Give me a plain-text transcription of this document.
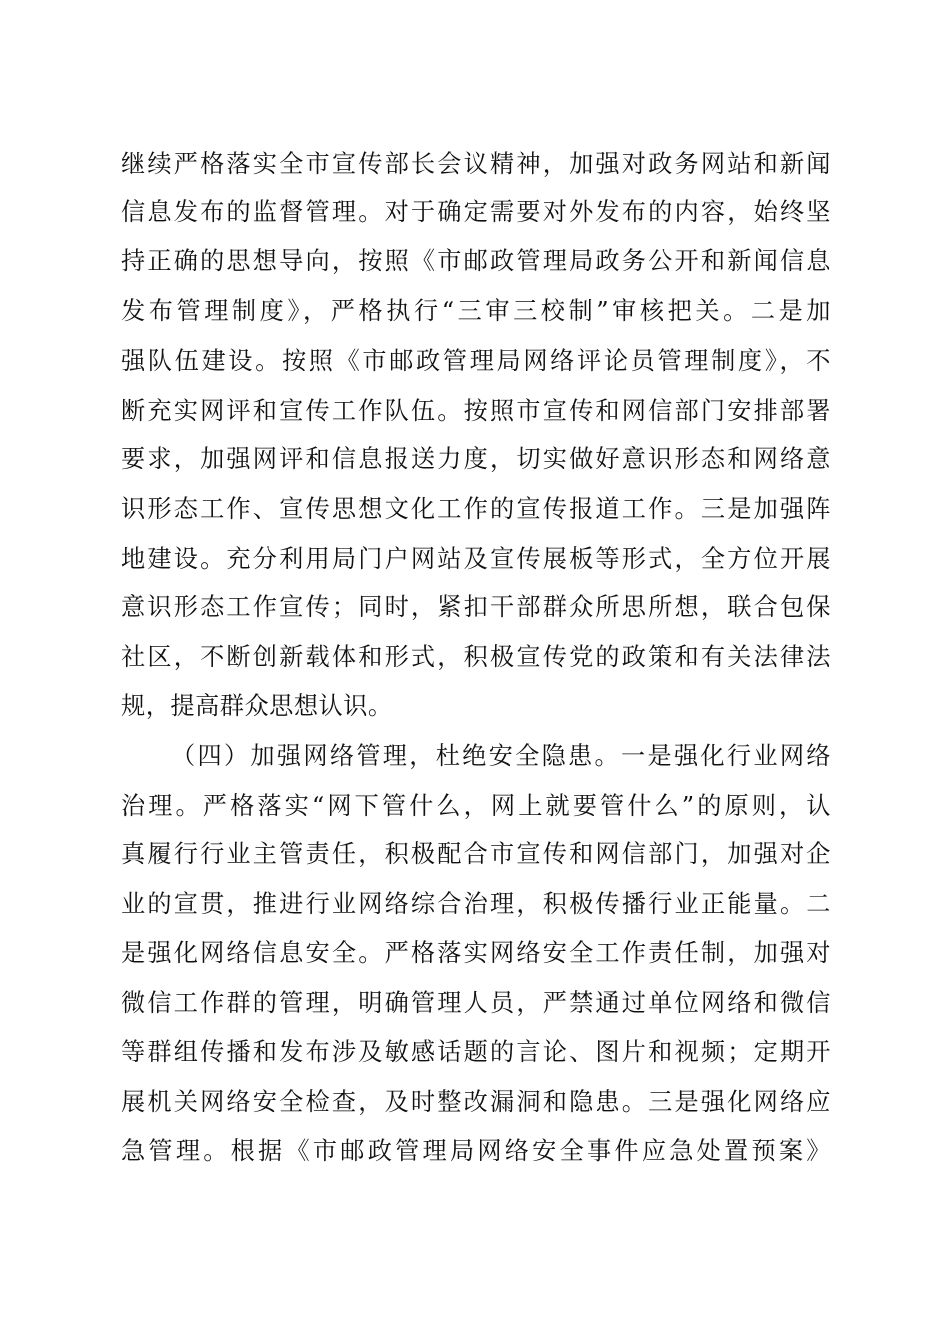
继续严格落实全市宣传部长会议精神，加强对政务网站和新闻
信息发布的监督管理。对于确定需要对外发布的内容，始终坚
持正确的思想导向，按照《市邮政管理局政务公开和新闻信息
发布管理制度》，严格执行“三审三校制”审核把关。二是加
强队伍建设。按照《市邮政管理局网络评论员管理制度》，不
断充实网评和宣传工作队伍。按照市宣传和网信部门安排部署
要求，加强网评和信息报送力度，切实做好意识形态和网络意
识形态工作、宣传思想文化工作的宣传报道工作。三是加强阵
地建设。充分利用局门户网站及宣传展板等形式，全方位开展
意识形态工作宣传；同时，紧扣干部群众所思所想，联合包保
社区，不断创新载体和形式，积极宣传党的政策和有关法律法
规，提高群众思想认识。
（四）加强网络管理，杜绝安全隐患。一是强化行业网络
治理。严格落实“网下管什么，网上就要管什么”的原则，认
真履行行业主管责任，积极配合市宣传和网信部门，加强对企
业的宣贯，推进行业网络综合治理，积极传播行业正能量。二
是强化网络信息安全。严格落实网络安全工作责任制，加强对
微信工作群的管理，明确管理人员，严禁通过单位网络和微信
等群组传播和发布涉及敏感话题的言论、图片和视频；定期开
展机关网络安全检查，及时整改漏洞和隐患。三是强化网络应
急管理。根据《市邮政管理局网络安全事件应急处置预案》
